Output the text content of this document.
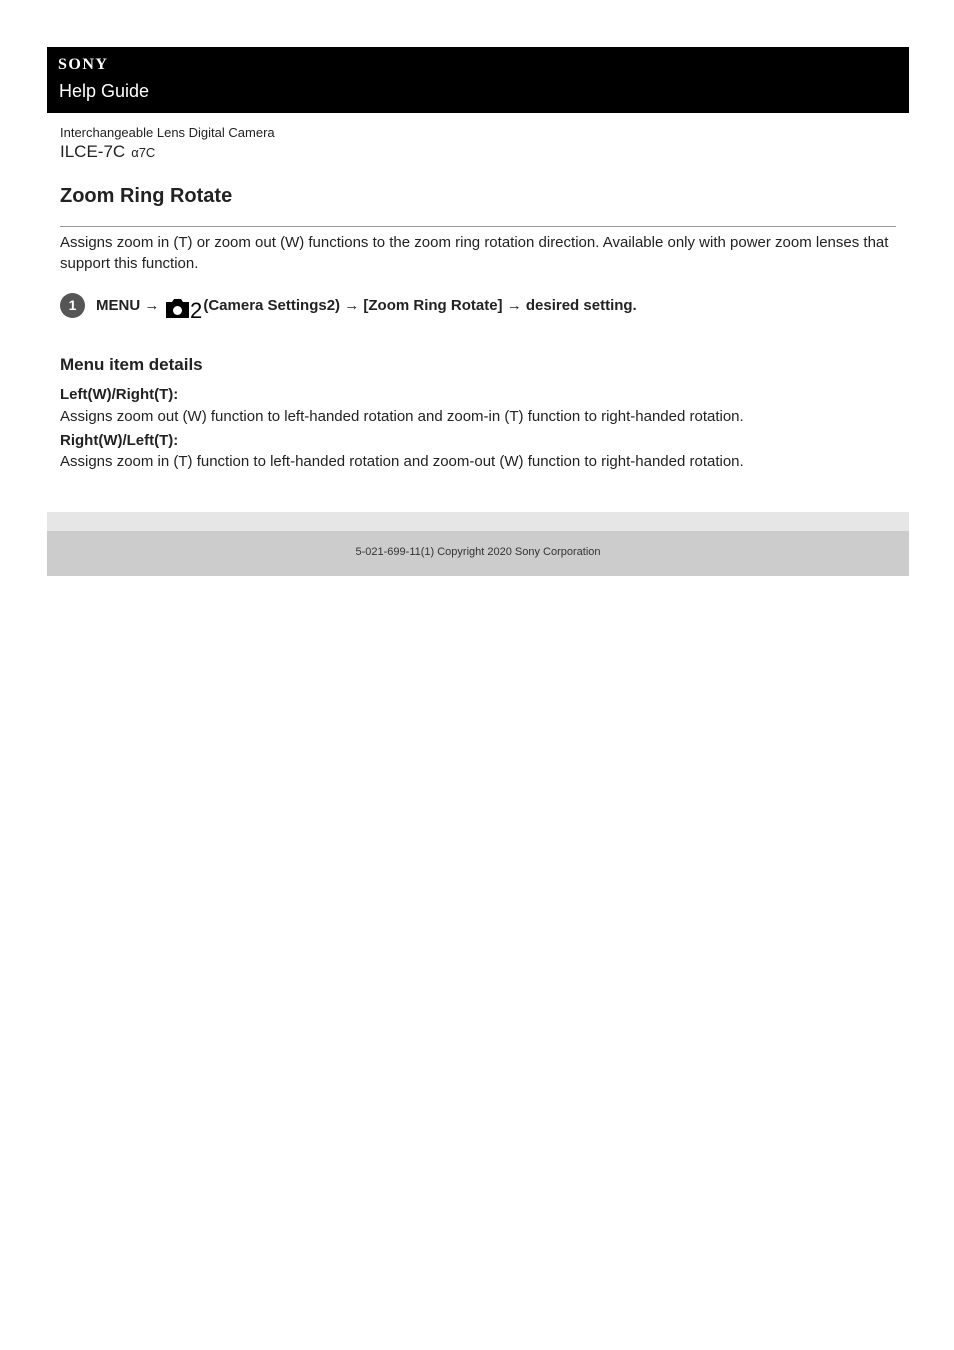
SONY
Help Guide
Interchangeable Lens Digital Camera
ILCE-7C α7C
Zoom Ring Rotate

Assigns zoom in (T) or zoom out (W) functions to the zoom ring rotation direction. Available only with power zoom lenses that support this function.

1	MENU → 2 (Camera Settings2) → [Zoom Ring Rotate] → desired setting.
Menu item details
Left(W)/Right(T):
Assigns zoom out (W) function to left-handed rotation and zoom-in (T) function to right-handed rotation.
Right(W)/Left(T):
Assigns zoom in (T) function to left-handed rotation and zoom-out (W) function to right-handed rotation.
5-021-699-11(1) Copyright 2020 Sony Corporation
